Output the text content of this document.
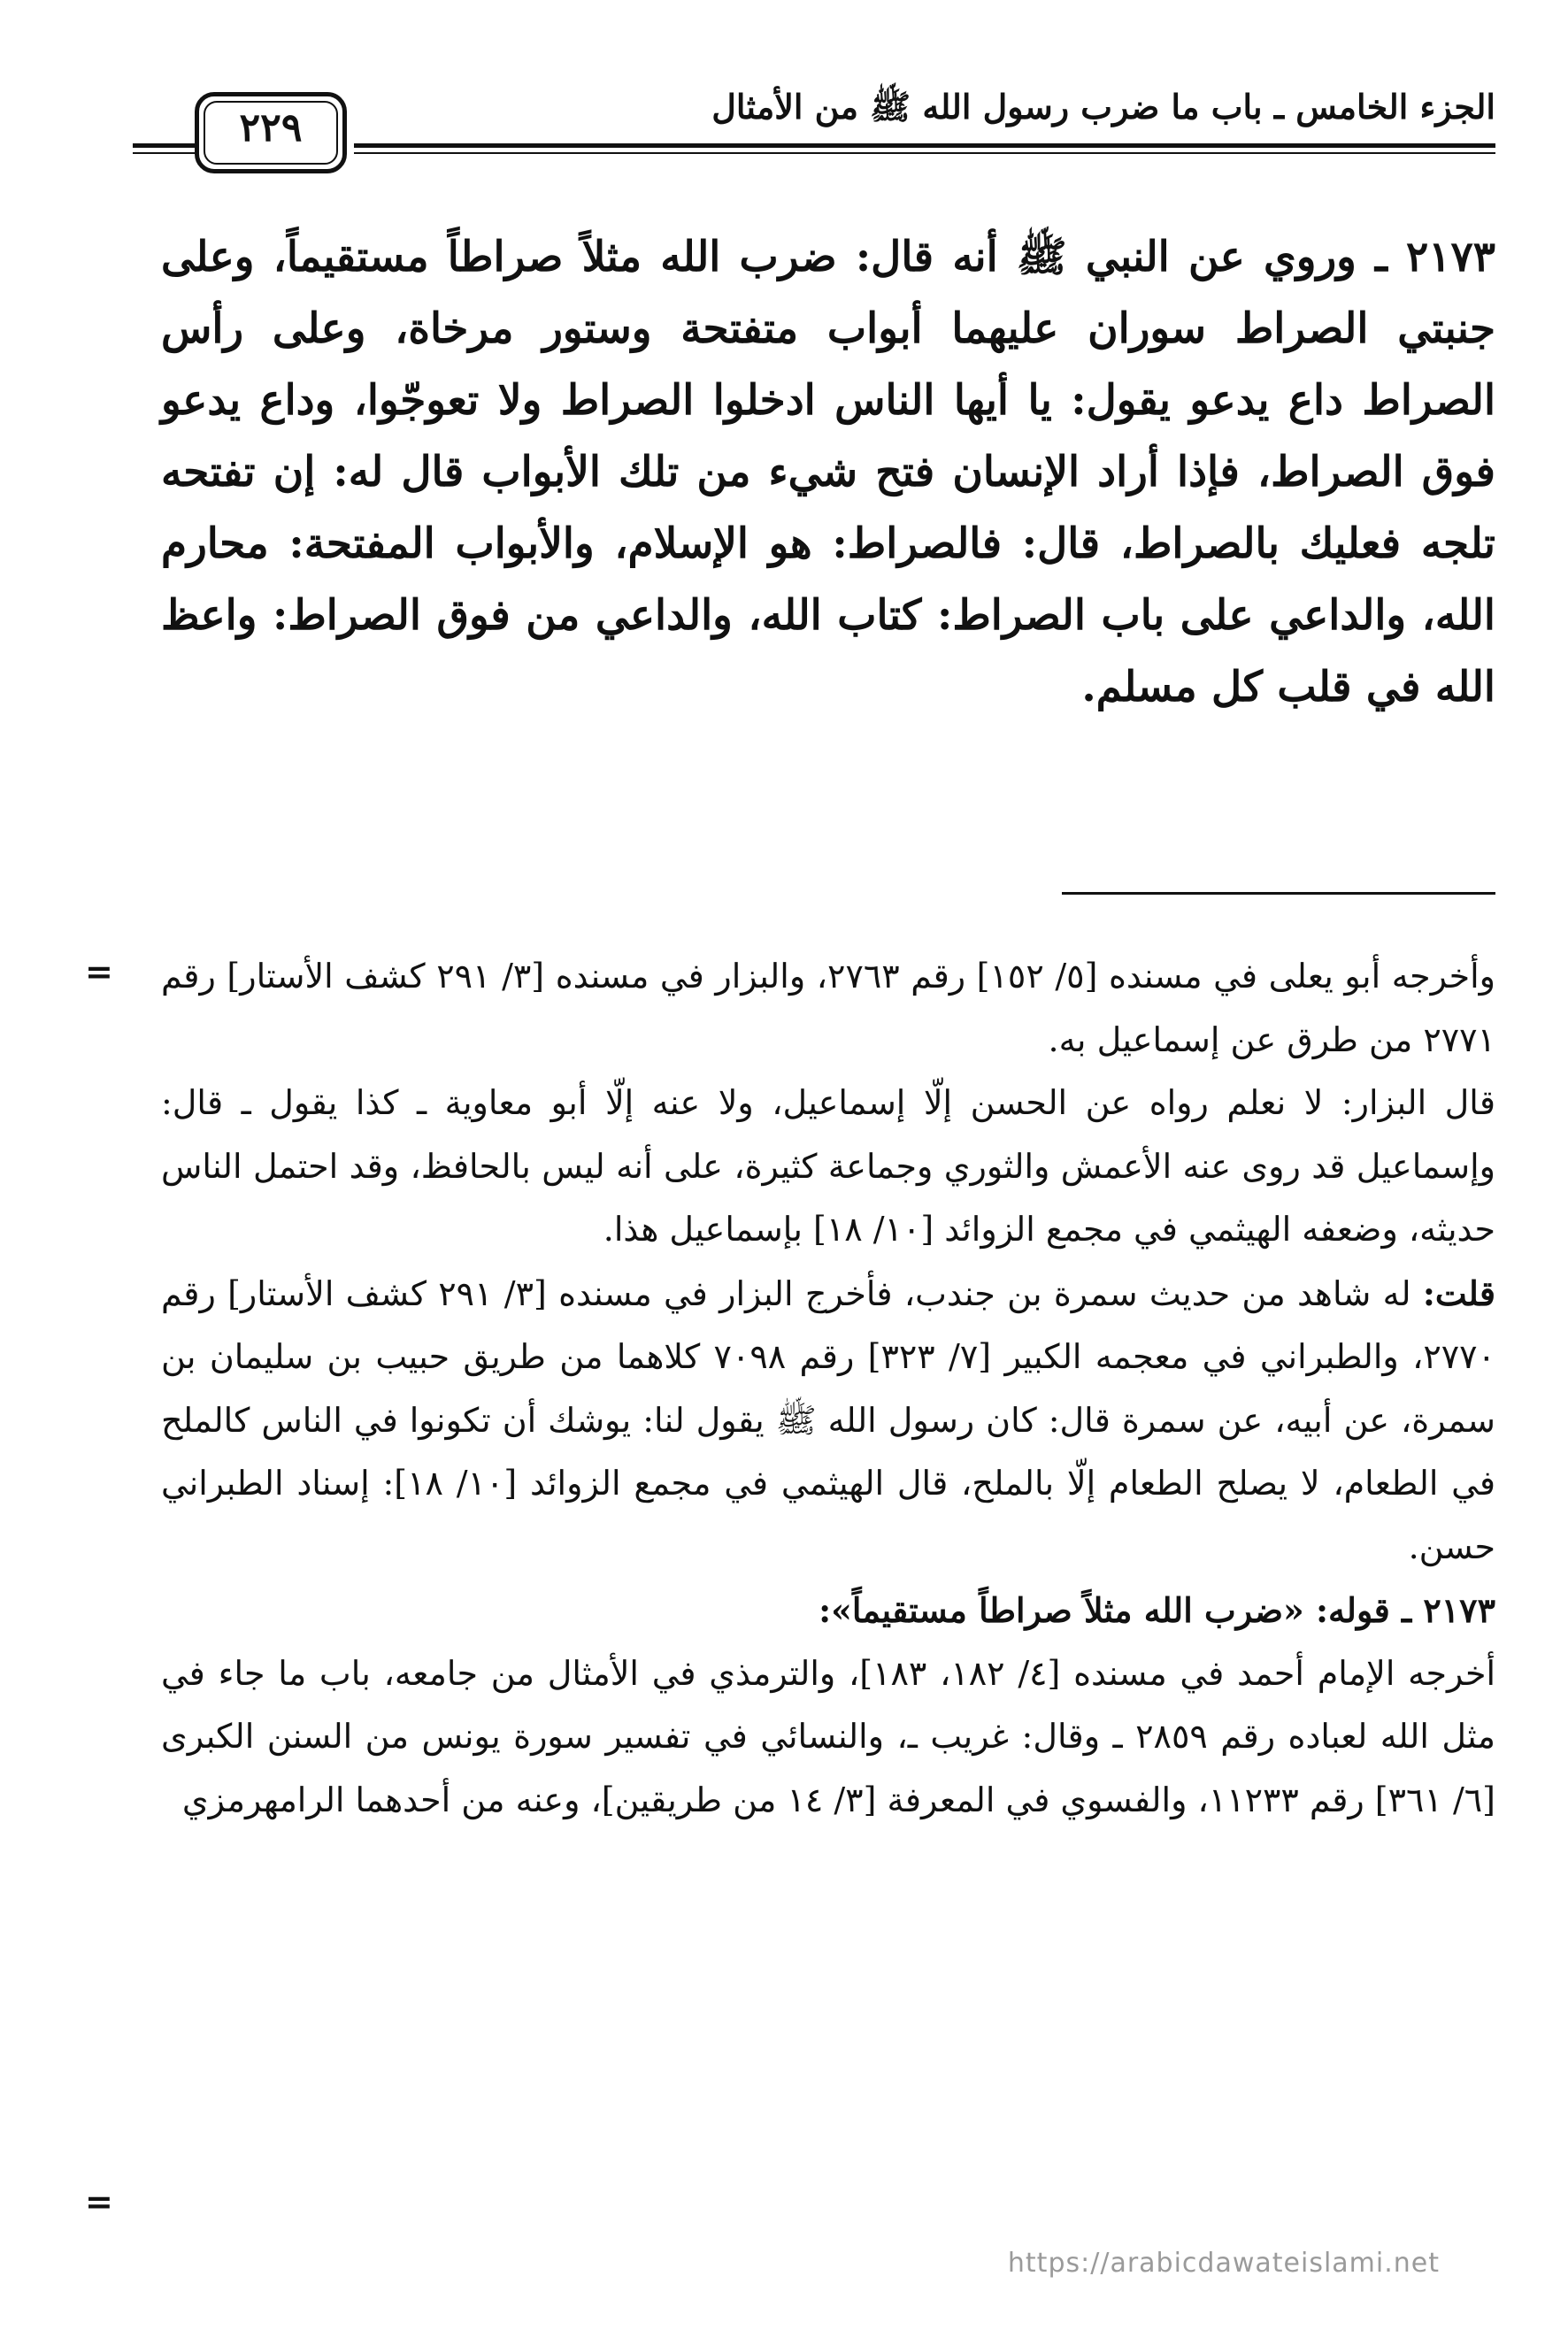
الجزء الخامس ـ باب ما ضرب رسول الله ﷺ من الأمثال
٢٢٩

٢١٧٣ ـ وروي عن النبي ﷺ أنه قال: ضرب الله مثلاً صراطاً مستقيماً، وعلى جنبتي الصراط سوران عليهما أبواب متفتحة وستور مرخاة، وعلى رأس الصراط داع يدعو يقول: يا أيها الناس ادخلوا الصراط ولا تعوجّوا، وداع يدعو فوق الصراط، فإذا أراد الإنسان فتح شيء من تلك الأبواب قال له: إن تفتحه تلجه فعليك بالصراط، قال: فالصراط: هو الإسلام، والأبواب المفتحة: محارم الله، والداعي على باب الصراط: كتاب الله، والداعي من فوق الصراط: واعظ الله في قلب كل مسلم.

= وأخرجه أبو يعلى في مسنده [٥/ ١٥٢] رقم ٢٧٦٣، والبزار في مسنده [٣/ ٢٩١ كشف الأستار] رقم ٢٧٧١ من طرق عن إسماعيل به.

قال البزار: لا نعلم رواه عن الحسن إلّا إسماعيل، ولا عنه إلّا أبو معاوية ـ كذا يقول ـ قال: وإسماعيل قد روى عنه الأعمش والثوري وجماعة كثيرة، على أنه ليس بالحافظ، وقد احتمل الناس حديثه، وضعفه الهيثمي في مجمع الزوائد [١٠/ ١٨] بإسماعيل هذا.

قلت: له شاهد من حديث سمرة بن جندب، فأخرج البزار في مسنده [٣/ ٢٩١ كشف الأستار] رقم ٢٧٧٠، والطبراني في معجمه الكبير [٧/ ٣٢٣] رقم ٧٠٩٨ كلاهما من طريق حبيب بن سليمان بن سمرة، عن أبيه، عن سمرة قال: كان رسول الله ﷺ يقول لنا: يوشك أن تكونوا في الناس كالملح في الطعام، لا يصلح الطعام إلّا بالملح، قال الهيثمي في مجمع الزوائد [١٠/ ١٨]: إسناد الطبراني حسن.

٢١٧٣ ـ قوله: «ضرب الله مثلاً صراطاً مستقيماً»:

أخرجه الإمام أحمد في مسنده [٤/ ١٨٢، ١٨٣]، والترمذي في الأمثال من جامعه، باب ما جاء في مثل الله لعباده رقم ٢٨٥٩ ـ وقال: غريب ـ، والنسائي في تفسير سورة يونس من السنن الكبرى [٦/ ٣٦١] رقم ١١٢٣٣، والفسوي في المعرفة [٣/ ١٤ من طريقين]، وعنه من أحدهما الرامهرمزي

=
https://arabicdawateislami.net
